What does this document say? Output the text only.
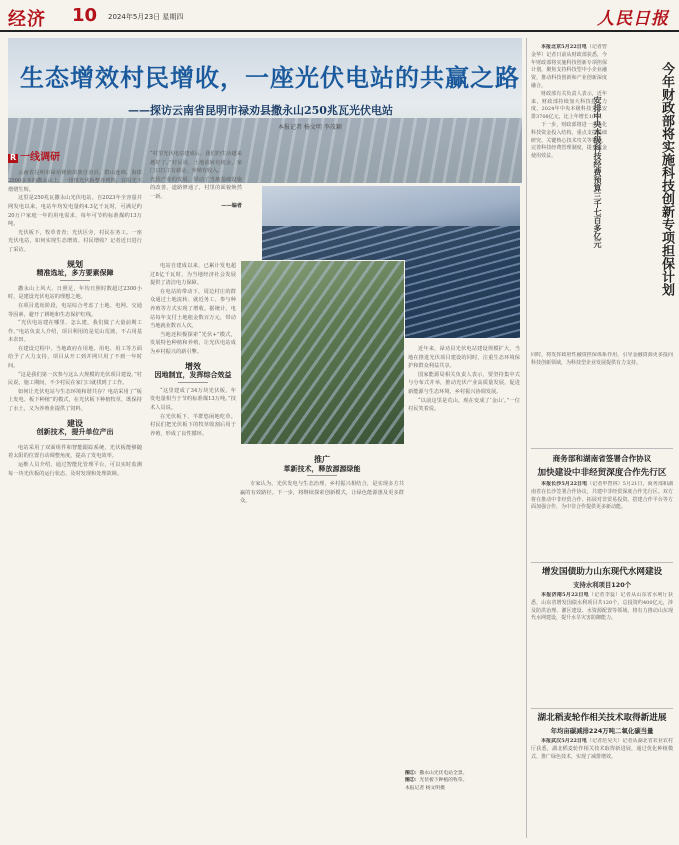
经济 10 2024年5月23日 星期四	人民日报
生态增效村民增收，一座光伏电站的共赢之路
——探访云南省昆明市禄劝县撒永山250兆瓦光伏电站
本报记者 杨文明 李茂颖
R 一线调研

云南省昆明市禄劝彝族苗族自治县，群山连绵。海拔2000多米的撒永山上，一排排光伏板整齐列阵，在阳光下熠熠生辉。

这里是250兆瓦撒永山光伏电站。自2023年全容量并网发电以来，电站年均发电量约4.3亿千瓦时，可满足约20万户家庭一年的用电需求，每年可节约标准煤约13万吨。

光伏板下，牧草青青；光伏区旁，村民在务工。一座光伏电站，如何实现生态增效、村民增收？记者近日进行了采访。

规划
精准选址，多方要素保障

撒永山上风大、日照足，年均日照时数超过2300小时，是建设光伏电站的理想之地。

在项目选址阶段，电站综合考虑了土地、电网、交通等因素，避开了耕地和生态保护红线。

“光伏电站建在哪里、怎么建，我们做了大量前期工作。”电站负责人介绍，项目利用的是荒山荒坡，不占用基本农田。

在建设过程中，当地政府在用地、用电、用工等方面给予了大力支持，项目从开工到并网只用了不到一年时间。

“这是我们第一次参与这么大规模的光伏项目建设。”村民说，施工期间，不少村民在家门口就找到了工作。

如何让光伏电站与生态环境和谐共存？电站采用了“板上发电、板下种植”的模式，在光伏板下种植牧草，既保持了水土，又为养殖业提供了饲料。

建设
创新技术，提升单位产出

电站采用了双面组件和智能跟踪系统，光伏板能够随着太阳的位置自动调整角度，提高了发电效率。

运维人员介绍，通过智能化管理平台，可以实时监测每一块光伏板的运行状态，及时发现和处理故障。

“村里光伏电站建成后，我们的生活越来越好了。”村民说，土地流转有租金，家门口打工有薪金，养殖有收入。

光伏产业的发展，带动了当地基础设施的改善，道路修通了，村里的面貌焕然一新。

——编者

电站自建成以来，已累计发电超过8亿千瓦时，为当地经济社会发展提供了清洁电力保障。

在电站的带动下，周边村庄的群众通过土地流转、就近务工、参与种养殖等方式实现了增收。据统计，电站每年支付土地租金数百万元，带动当地就业数百人次。

当地还积极探索“光伏+”模式，发展特色种植和养殖，让光伏电站成为乡村振兴的新引擎。

增效
因地制宜，发挥综合效益

“这里建成了34万块光伏板，年发电量相当于节约标准煤13万吨。”技术人员说。

在光伏板下，羊群悠闲地吃草。村民们把光伏板下的牧草收割后用于养殖，形成了良性循环。

近年来，禄劝县光伏电站建设规模扩大，当地在推进光伏项目建设的同时，注重生态环境保护和群众利益共享。

国家能源局相关负责人表示，要坚持集中式与分布式并举，推动光伏产业高质量发展，促进新能源与生态环境、乡村振兴协调发展。

“以前这里是荒山，现在变成了‘金山’。”一位村民笑着说。

推广
革新技术，释放源源绿能

专家认为，光伏发电与生态治理、乡村振兴相结合，是实现多方共赢的有效路径。下一步，将继续探索创新模式，让绿色能源惠及更多群众。

图①：撒永山光伏电站全景。
图②：光伏板下种植的牧草。
本报记者 杨文明摄
今年财政部将实施科技创新专项担保计划
安排中央本级科技经费预算三千七百多亿元

本报北京5月22日电（记者曾金华）记者日前从财政部获悉，今年财政部将实施科技创新专项担保计划，聚焦支持科技型中小企业融资，推动科技创新和产业创新深度融合。

财政部有关负责人表示，近年来，财政部持续加大科技投入力度，2024年中央本级科技支出安排3708亿元，比上年增长10%。

下一步，财政部将进一步优化科技资金投入结构，重点支持基础研究、关键核心技术攻关等领域，完善科技经费管理制度，提升资金使用效益。

同时，将发挥政府性融资担保体系作用，引导金融资源更多投向科技创新领域，为科技型企业发展提供有力支持。

商务部和湖南省签署合作协议
加快建设中非经贸深度合作先行区
本报长沙5月22日电（记者申智林）5月21日，商务部和湖南省在长沙签署合作协议，共建中非经贸深度合作先行区。双方将在推动中非经贸合作、拓展对非贸易投资、搭建合作平台等方面加强合作，为中非合作提供更多新动能。
增发国债助力山东现代水网建设
支持水利项目120个
本报济南5月22日电（记者李蕊）记者从山东省水利厅获悉，山东省增发国债水利项目共120个，总投资约400亿元，涉及防洪治理、灌区建设、水资源配置等领域，将有力推动山东现代水网建设，提升水旱灾害防御能力。
湖北稻麦轮作相关技术取得新进展
年均亩碳减排224万吨二氧化碳当量
本报武汉5月22日电（记者范昊天）记者从湖北省农业农村厅获悉，湖北稻麦轮作相关技术取得新进展，通过优化种植模式、推广绿色技术，实现了减排增效。
